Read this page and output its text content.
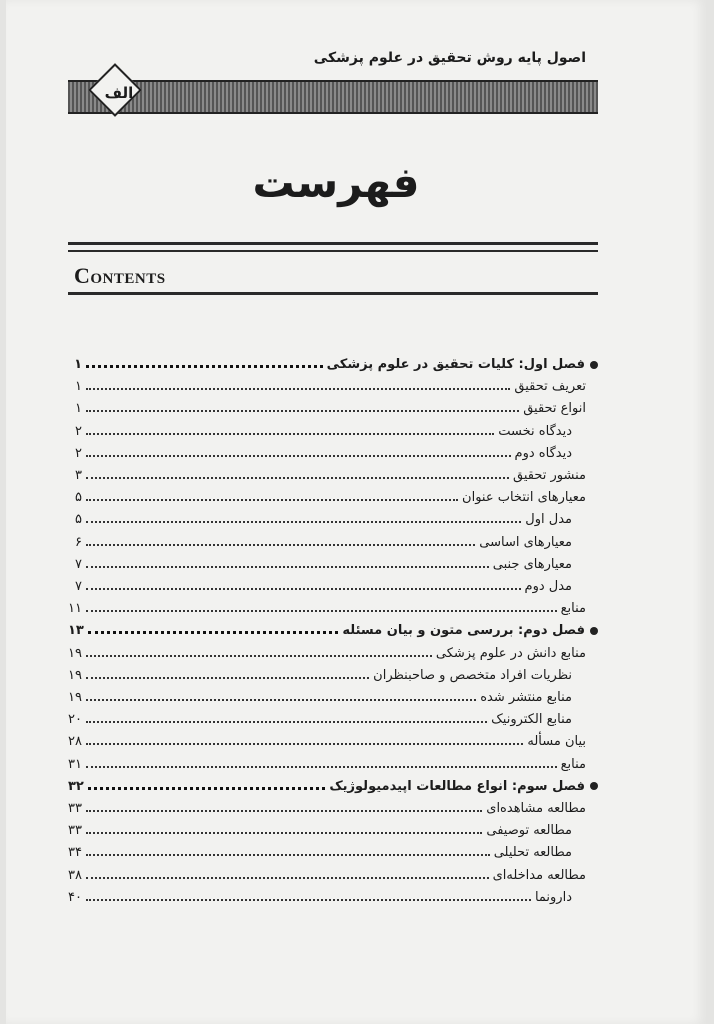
اصول پایه روش تحقیق در علوم پزشکی
الف
فهرست
Contents
فصل اول: کلیات تحقیق در علوم پزشکی
۱
تعریف تحقیق
۱
انواع تحقیق
۱
دیدگاه نخست
۲
دیدگاه دوم
۲
منشور تحقیق
۳
معیارهای انتخاب عنوان
۵
مدل اول
۵
معیارهای اساسی
۶
معیارهای جنبی
۷
مدل دوم
۷
منابع
۱۱
فصل دوم: بررسی متون و بیان مسئله
۱۳
منابع دانش در علوم پزشکی
۱۹
نظریات افراد متخصص و صاحبنظران
۱۹
منابع منتشر شده
۱۹
منابع الکترونیک
۲۰
بیان مسأله
۲۸
منابع
۳۱
فصل سوم: انواع مطالعات اپیدمیولوژیک
۳۲
مطالعه مشاهده‌ای
۳۳
مطالعه توصیفی
۳۳
مطالعه تحلیلی
۳۴
مطالعه مداخله‌ای
۳۸
دارونما
۴۰
